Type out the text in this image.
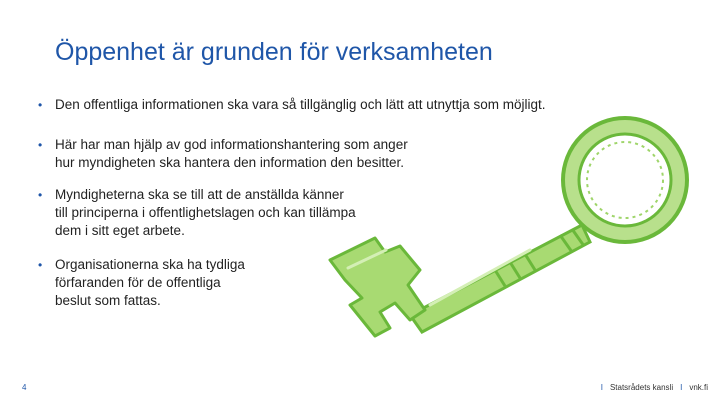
Öppenhet är grunden för verksamheten
• Den offentliga informationen ska vara så tillgänglig och lätt att utnyttja som möjligt.
• Här har man hjälp av god informationshantering som anger
hur myndigheten ska hantera den information den besitter.
• Myndigheterna ska se till att de anställda känner
till principerna i offentlighetslagen och kan tillämpa
dem i sitt eget arbete.
• Organisationerna ska ha tydliga
förfaranden för de offentliga
beslut som fattas.
4	I Statsrådets kansli I vnk.fi
